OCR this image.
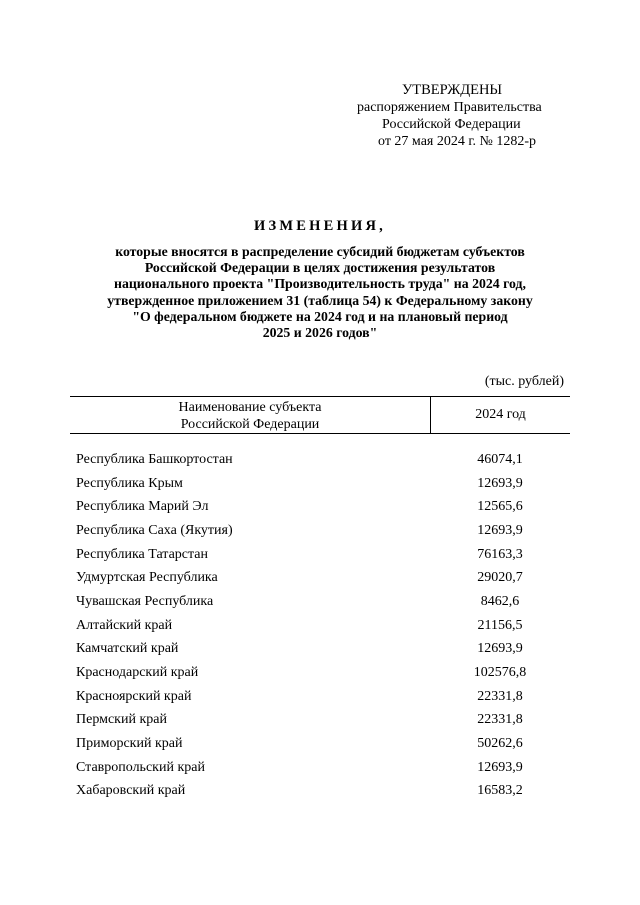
УТВЕРЖДЕНЫ
распоряжением Правительства
Российской Федерации
от 27 мая 2024 г. № 1282-р
ИЗМЕНЕНИЯ,
которые вносятся в распределение субсидий бюджетам субъектов
Российской Федерации в целях достижения результатов
национального проекта "Производительность труда" на 2024 год,
утвержденное приложением 31 (таблица 54) к Федеральному закону
"О федеральном бюджете на 2024 год и на плановый период
2025 и 2026 годов"
(тыс. рублей)
Наименование субъекта
Российской Федерации
2024 год
Республика Башкортостан	46074,1
Республика Крым	12693,9
Республика Марий Эл	12565,6
Республика Саха (Якутия)	12693,9
Республика Татарстан	76163,3
Удмуртская Республика	29020,7
Чувашская Республика	8462,6
Алтайский край	21156,5
Камчатский край	12693,9
Краснодарский край	102576,8
Красноярский край	22331,8
Пермский край	22331,8
Приморский край	50262,6
Ставропольский край	12693,9
Хабаровский край	16583,2
